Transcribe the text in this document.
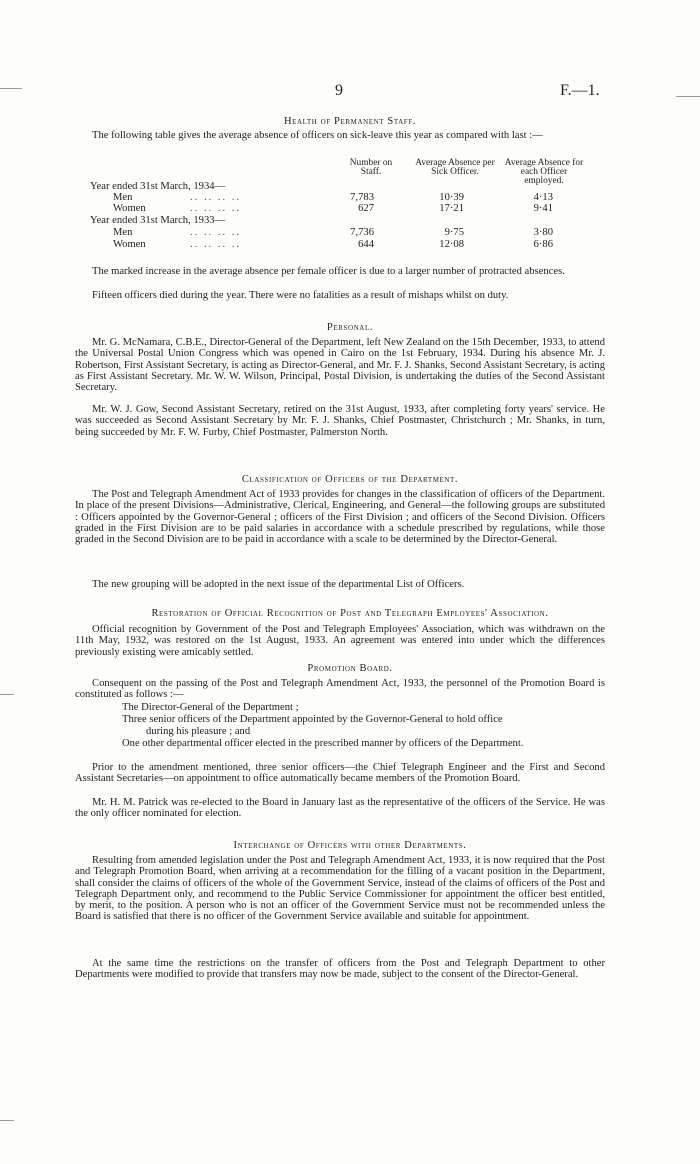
9	F.—1.

Health of Permanent Staff.

The following table gives the average absence of officers on sick-leave this year as compared with last :—

Number on Staff.
Average Absence per Sick Officer.
Average Absence for each Officer employed.
Year ended 31st March, 1934—
Men	.. .. .. ..	7,783	10·39	4·13
Women	.. .. .. ..	627	17·21	9·41
Year ended 31st March, 1933—
Men	.. .. .. ..	7,736	9·75	3·80
Women	.. .. .. ..	644	12·08	6·86

The marked increase in the average absence per female officer is due to a larger number of protracted absences.

Fifteen officers died during the year. There were no fatalities as a result of mishaps whilst on duty.

Personal.

Mr. G. McNamara, C.B.E., Director-General of the Department, left New Zealand on the 15th December, 1933, to attend the Universal Postal Union Congress which was opened in Cairo on the 1st February, 1934. During his absence Mr. J. Robertson, First Assistant Secretary, is acting as Director-General, and Mr. F. J. Shanks, Second Assistant Secretary, is acting as First Assistant Secretary. Mr. W. W. Wilson, Principal, Postal Division, is undertaking the duties of the Second Assistant Secretary.

Mr. W. J. Gow, Second Assistant Secretary, retired on the 31st August, 1933, after completing forty years' service. He was succeeded as Second Assistant Secretary by Mr. F. J. Shanks, Chief Postmaster, Christchurch ; Mr. Shanks, in turn, being succeeded by Mr. F. W. Furby, Chief Postmaster, Palmerston North.

Classification of Officers of the Department.

The Post and Telegraph Amendment Act of 1933 provides for changes in the classification of officers of the Department. In place of the present Divisions—Administrative, Clerical, Engineering, and General—the following groups are substituted : Officers appointed by the Governor-General ; officers of the First Division ; and officers of the Second Division. Officers graded in the First Division are to be paid salaries in accordance with a schedule prescribed by regulations, while those graded in the Second Division are to be paid in accordance with a scale to be determined by the Director-General.

The new grouping will be adopted in the next issue of the departmental List of Officers.

Restoration of Official Recognition of Post and Telegraph Employees' Association.

Official recognition by Government of the Post and Telegraph Employees' Association, which was withdrawn on the 11th May, 1932, was restored on the 1st August, 1933. An agreement was entered into under which the differences previously existing were amicably settled.

Promotion Board.

Consequent on the passing of the Post and Telegraph Amendment Act, 1933, the personnel of the Promotion Board is constituted as follows :—

The Director-General of the Department ;

Three senior officers of the Department appointed by the Governor-General to hold office

during his pleasure ; and

One other departmental officer elected in the prescribed manner by officers of the Department.

Prior to the amendment mentioned, three senior officers—the Chief Telegraph Engineer and the First and Second Assistant Secretaries—on appointment to office automatically became members of the Promotion Board.

Mr. H. M. Patrick was re-elected to the Board in January last as the representative of the officers of the Service. He was the only officer nominated for election.

Interchange of Officers with other Departments.

Resulting from amended legislation under the Post and Telegraph Amendment Act, 1933, it is now required that the Post and Telegraph Promotion Board, when arriving at a recommendation for the filling of a vacant position in the Department, shall consider the claims of officers of the whole of the Government Service, instead of the claims of officers of the Post and Telegraph Department only, and recommend to the Public Service Commissioner for appointment the officer best entitled, by merit, to the position. A person who is not an officer of the Government Service must not be recommended unless the Board is satisfied that there is no officer of the Government Service available and suitable for appointment.

At the same time the restrictions on the transfer of officers from the Post and Telegraph Department to other Departments were modified to provide that transfers may now be made, subject to the consent of the Director-General.
